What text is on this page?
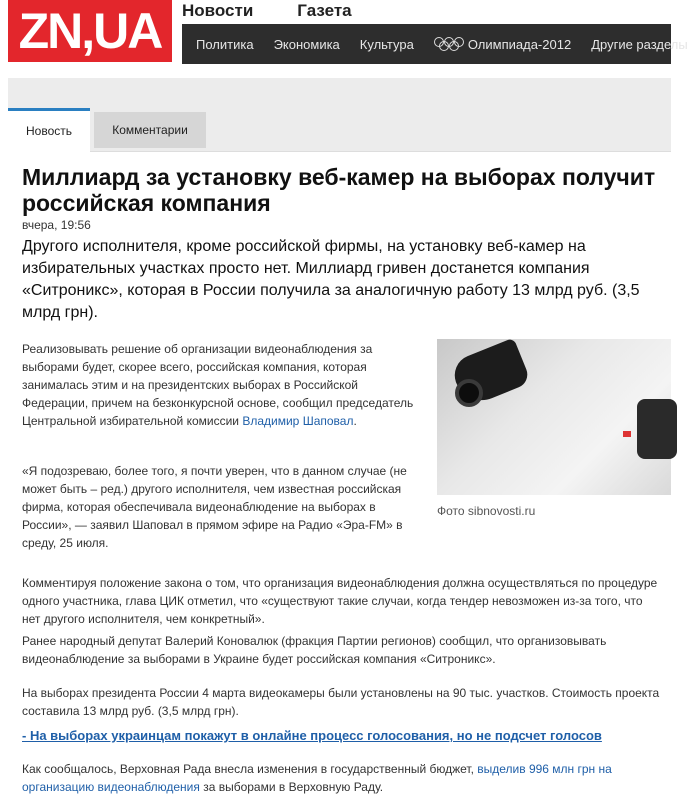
ZN,UA	Новости	Газета
Политика Экономика Культура	Олимпиада-2012 Другие разделы
Новость	Комментарии
Миллиард за установку веб-камер на выборах получит российская компания
вчера, 19:56
Другого исполнителя, кроме российской фирмы, на установку веб-камер на избирательных участках просто нет. Миллиард гривен достанется компания «Ситроникс», которая в России получила за аналогичную работу 13 млрд руб. (3,5 млрд грн).
Реализовывать решение об организации видеонаблюдения за выборами будет, скорее всего, российская компания, которая занималась этим и на президентских выборах в Российской Федерации, причем на безконкурсной основе, сообщил председатель Центральной избирательной комиссии Владимир Шаповал.
Фото sibnovosti.ru
«Я подозреваю, более того, я почти уверен, что в данном случае (не может быть – ред.) другого исполнителя, чем известная российская фирма, которая обеспечивала видеонаблюдение на выборах в России», — заявил Шаповал в прямом эфире на Радио «Эра-FM» в среду, 25 июля.
Комментируя положение закона о том, что организация видеонаблюдения должна осуществляться по процедуре одного участника, глава ЦИК отметил, что «существуют такие случаи, когда тендер невозможен из-за того, что нет другого исполнителя, чем конкретный».
Ранее народный депутат Валерий Коновалюк (фракция Партии регионов) сообщил, что организовывать видеонаблюдение за выборами в Украине будет российская компания «Ситроникс».
На выборах президента России 4 марта видеокамеры были установлены на 90 тыс. участков. Стоимость проекта составила 13 млрд руб. (3,5 млрд грн).
- На выборах украинцам покажут в онлайне процесс голосования, но не подсчет голосов
Как сообщалось, Верховная Рада внесла изменения в государственный бюджет, выделив 996 млн грн на организацию видеонаблюдения за выборами в Верховную Раду.
